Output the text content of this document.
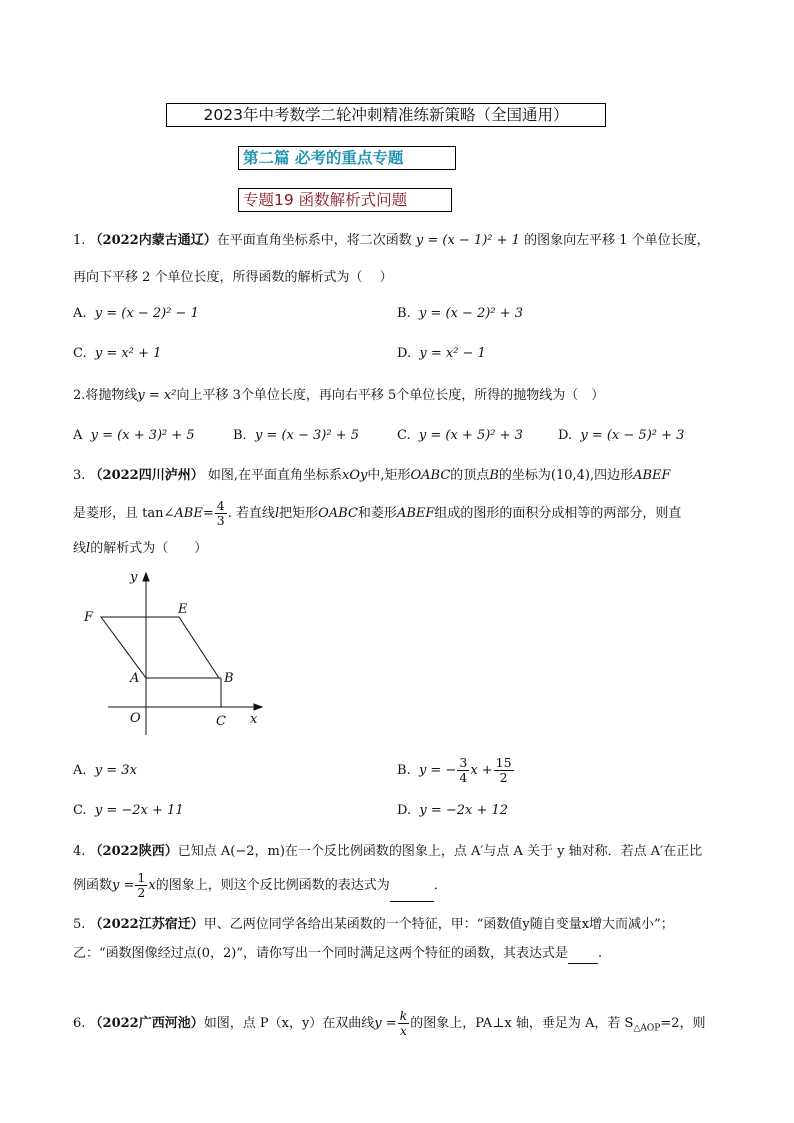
2023年中考数学二轮冲刺精准练新策略（全国通用）
第二篇 必考的重点专题
专题19 函数解析式问题
1. （2022内蒙古通辽）在平面直角坐标系中，将二次函数 y = (x − 1)² + 1 的图象向左平移 1 个单位长度，
再向下平移 2 个单位长度，所得函数的解析式为（　 ）
A. y = (x − 2)² − 1	B. y = (x − 2)² + 3
C. y = x² + 1	D. y = x² − 1
2.将抛物线y = x²向上平移 3个单位长度，再向右平移 5个单位长度，所得的抛物线为（　）
A y = (x + 3)² + 5	B. y = (x − 3)² + 5	C. y = (x + 5)² + 3	D. y = (x − 5)² + 3
3. （2022四川泸州） 如图,在平面直角坐标系xOy中,矩形OABC的顶点B的坐标为(10,4),四边形ABEF
是菱形，且 tan∠ABE= $\frac{4}{3}$ . 若直线l把矩形OABC和菱形ABEF组成的图形的面积分成相等的两部分，则直
线l的解析式为（　　）
y
x
F
E
A	B
O	C
A. y = 3x	B. y = − $\frac{3}{4}$ $x + \frac{15}{2}$
C. y = −2x + 11	D. y = −2x + 12
4. （2022陕西）已知点 A(−2，m)在一个反比例函数的图象上，点 A′与点 A 关于 y 轴对称．若点 A′在正比
例函数$y = \frac{1}{2}$ x的图象上，则这个反比例函数的表达式为	．
5. （2022江苏宿迁）甲、乙两位同学各给出某函数的一个特征，甲：“函数值y随自变量x增大而减小”；
乙：“函数图像经过点(0，2)”，请你写出一个同时满足这两个特征的函数，其表达式是 .
6. （2022广西河池）如图，点 P（x，y）在双曲线$y = \frac{k}{x}$ 的图象上，PA⊥x 轴，垂足为 A，若 $S_{\triangle AOP}=2$，则
